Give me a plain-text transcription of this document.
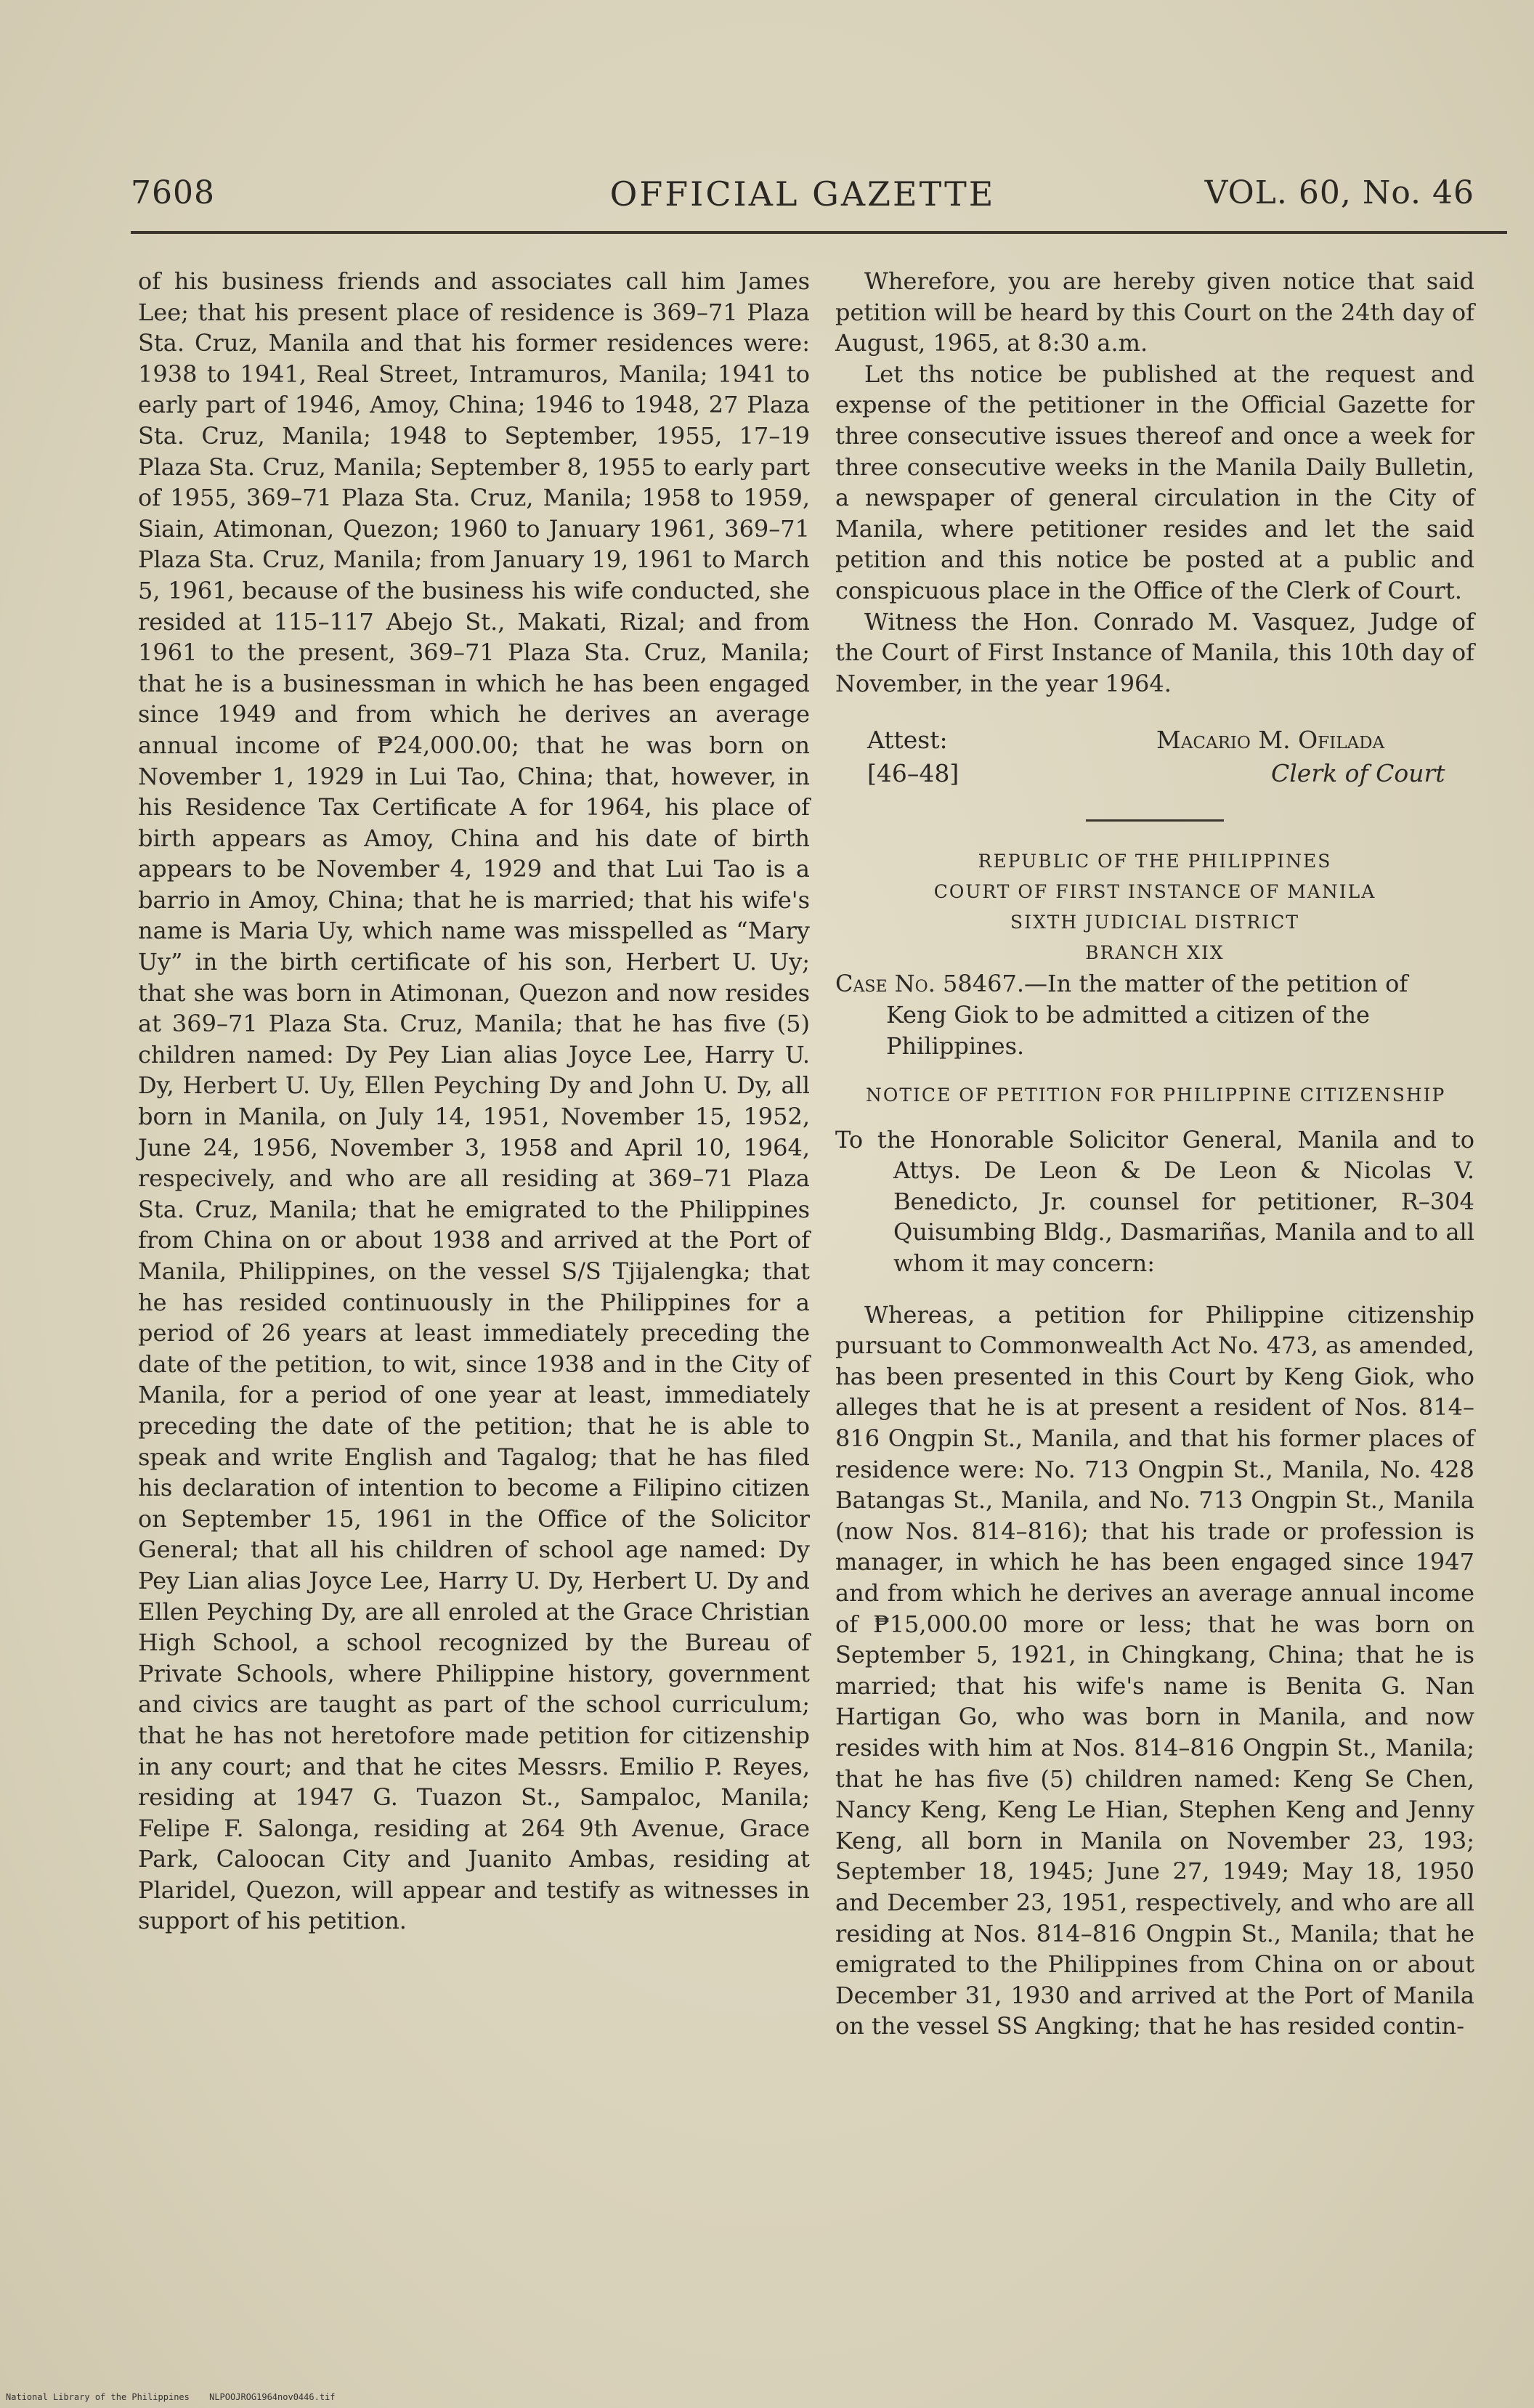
7608	OFFICIAL GAZETTE	VOL. 60, No. 46

of his business friends and associates call him James Lee; that his present place of residence is 369–71 Plaza Sta. Cruz, Manila and that his former residences were: 1938 to 1941, Real Street, Intramuros, Manila; 1941 to early part of 1946, Amoy, China; 1946 to 1948, 27 Plaza Sta. Cruz, Manila; 1948 to September, 1955, 17–19 Plaza Sta. Cruz, Manila; September 8, 1955 to early part of 1955, 369–71 Plaza Sta. Cruz, Manila; 1958 to 1959, Siain, Atimonan, Quezon; 1960 to January 1961, 369–71 Plaza Sta. Cruz, Manila; from January 19, 1961 to March 5, 1961, because of the business his wife conducted, she resided at 115–117 Abejo St., Makati, Rizal; and from 1961 to the present, 369–71 Plaza Sta. Cruz, Manila; that he is a businessman in which he has been engaged since 1949 and from which he derives an average annual income of ₱24,000.00; that he was born on November 1, 1929 in Lui Tao, China; that, however, in his Residence Tax Certificate A for 1964, his place of birth appears as Amoy, China and his date of birth appears to be November 4, 1929 and that Lui Tao is a barrio in Amoy, China; that he is married; that his wife's name is Maria Uy, which name was misspelled as “Mary Uy” in the birth certificate of his son, Herbert U. Uy; that she was born in Atimonan, Quezon and now resides at 369–71 Plaza Sta. Cruz, Manila; that he has five (5) children named: Dy Pey Lian alias Joyce Lee, Harry U. Dy, Herbert U. Uy, Ellen Peyching Dy and John U. Dy, all born in Manila, on July 14, 1951, November 15, 1952, June 24, 1956, November 3, 1958 and April 10, 1964, respecively, and who are all residing at 369–71 Plaza Sta. Cruz, Manila; that he emigrated to the Philippines from China on or about 1938 and arrived at the Port of Manila, Philippines, on the vessel S/S Tjijalengka; that he has resided continuously in the Philippines for a period of 26 years at least immediately preceding the date of the petition, to wit, since 1938 and in the City of Manila, for a period of one year at least, immediately preceding the date of the petition; that he is able to speak and write English and Tagalog; that he has filed his declaration of intention to become a Filipino citizen on September 15, 1961 in the Office of the Solicitor General; that all his children of school age named: Dy Pey Lian alias Joyce Lee, Harry U. Dy, Herbert U. Dy and Ellen Peyching Dy, are all enroled at the Grace Christian High School, a school recognized by the Bureau of Private Schools, where Philippine history, government and civics are taught as part of the school curriculum; that he has not heretofore made petition for citizenship in any court; and that he cites Messrs. Emilio P. Reyes, residing at 1947 G. Tuazon St., Sampaloc, Manila; Felipe F. Salonga, residing at 264 9th Avenue, Grace Park, Caloocan City and Juanito Ambas, residing at Plaridel, Quezon, will appear and testify as witnesses in support of his petition.

Wherefore, you are hereby given notice that said petition will be heard by this Court on the 24th day of August, 1965, at 8:30 a.m.

Let ths notice be published at the request and expense of the petitioner in the Official Gazette for three consecutive issues thereof and once a week for three consecutive weeks in the Manila Daily Bulletin, a newspaper of general circulation in the City of Manila, where petitioner resides and let the said petition and this notice be posted at a public and conspicuous place in the Office of the Clerk of Court.

Witness the Hon. Conrado M. Vasquez, Judge of the Court of First Instance of Manila, this 10th day of November, in the year 1964.

Attest:
[46–48]
Macario M. Ofilada
Clerk of Court
REPUBLIC OF THE PHILIPPINES
COURT OF FIRST INSTANCE OF MANILA
SIXTH JUDICIAL DISTRICT
BRANCH XIX

Case No. 58467.—In the matter of the petition of Keng Giok to be admitted a citizen of the Philippines.

NOTICE OF PETITION FOR PHILIPPINE CITIZENSHIP

To the Honorable Solicitor General, Manila and to Attys. De Leon & De Leon & Nicolas V. Benedicto, Jr. counsel for petitioner, R–304 Quisumbing Bldg., Dasmariñas, Manila and to all whom it may concern:

Whereas, a petition for Philippine citizenship pursuant to Commonwealth Act No. 473, as amended, has been presented in this Court by Keng Giok, who alleges that he is at present a resident of Nos. 814–816 Ongpin St., Manila, and that his former places of residence were: No. 713 Ongpin St., Manila, No. 428 Batangas St., Manila, and No. 713 Ongpin St., Manila (now Nos. 814–816); that his trade or profession is manager, in which he has been engaged since 1947 and from which he derives an average annual income of ₱15,000.00 more or less; that he was born on September 5, 1921, in Chingkang, China; that he is married; that his wife's name is Benita G. Nan Hartigan Go, who was born in Manila, and now resides with him at Nos. 814–816 Ongpin St., Manila; that he has five (5) children named: Keng Se Chen, Nancy Keng, Keng Le Hian, Stephen Keng and Jenny Keng, all born in Manila on November 23, 193; September 18, 1945; June 27, 1949; May 18, 1950 and December 23, 1951, respectively, and who are all residing at Nos. 814–816 Ongpin St., Manila; that he emigrated to the Philippines from China on or about December 31, 1930 and arrived at the Port of Manila on the vessel SS Angking; that he has resided contin-

National Library of the Philippines NLPOOJROG1964nov0446.tif
